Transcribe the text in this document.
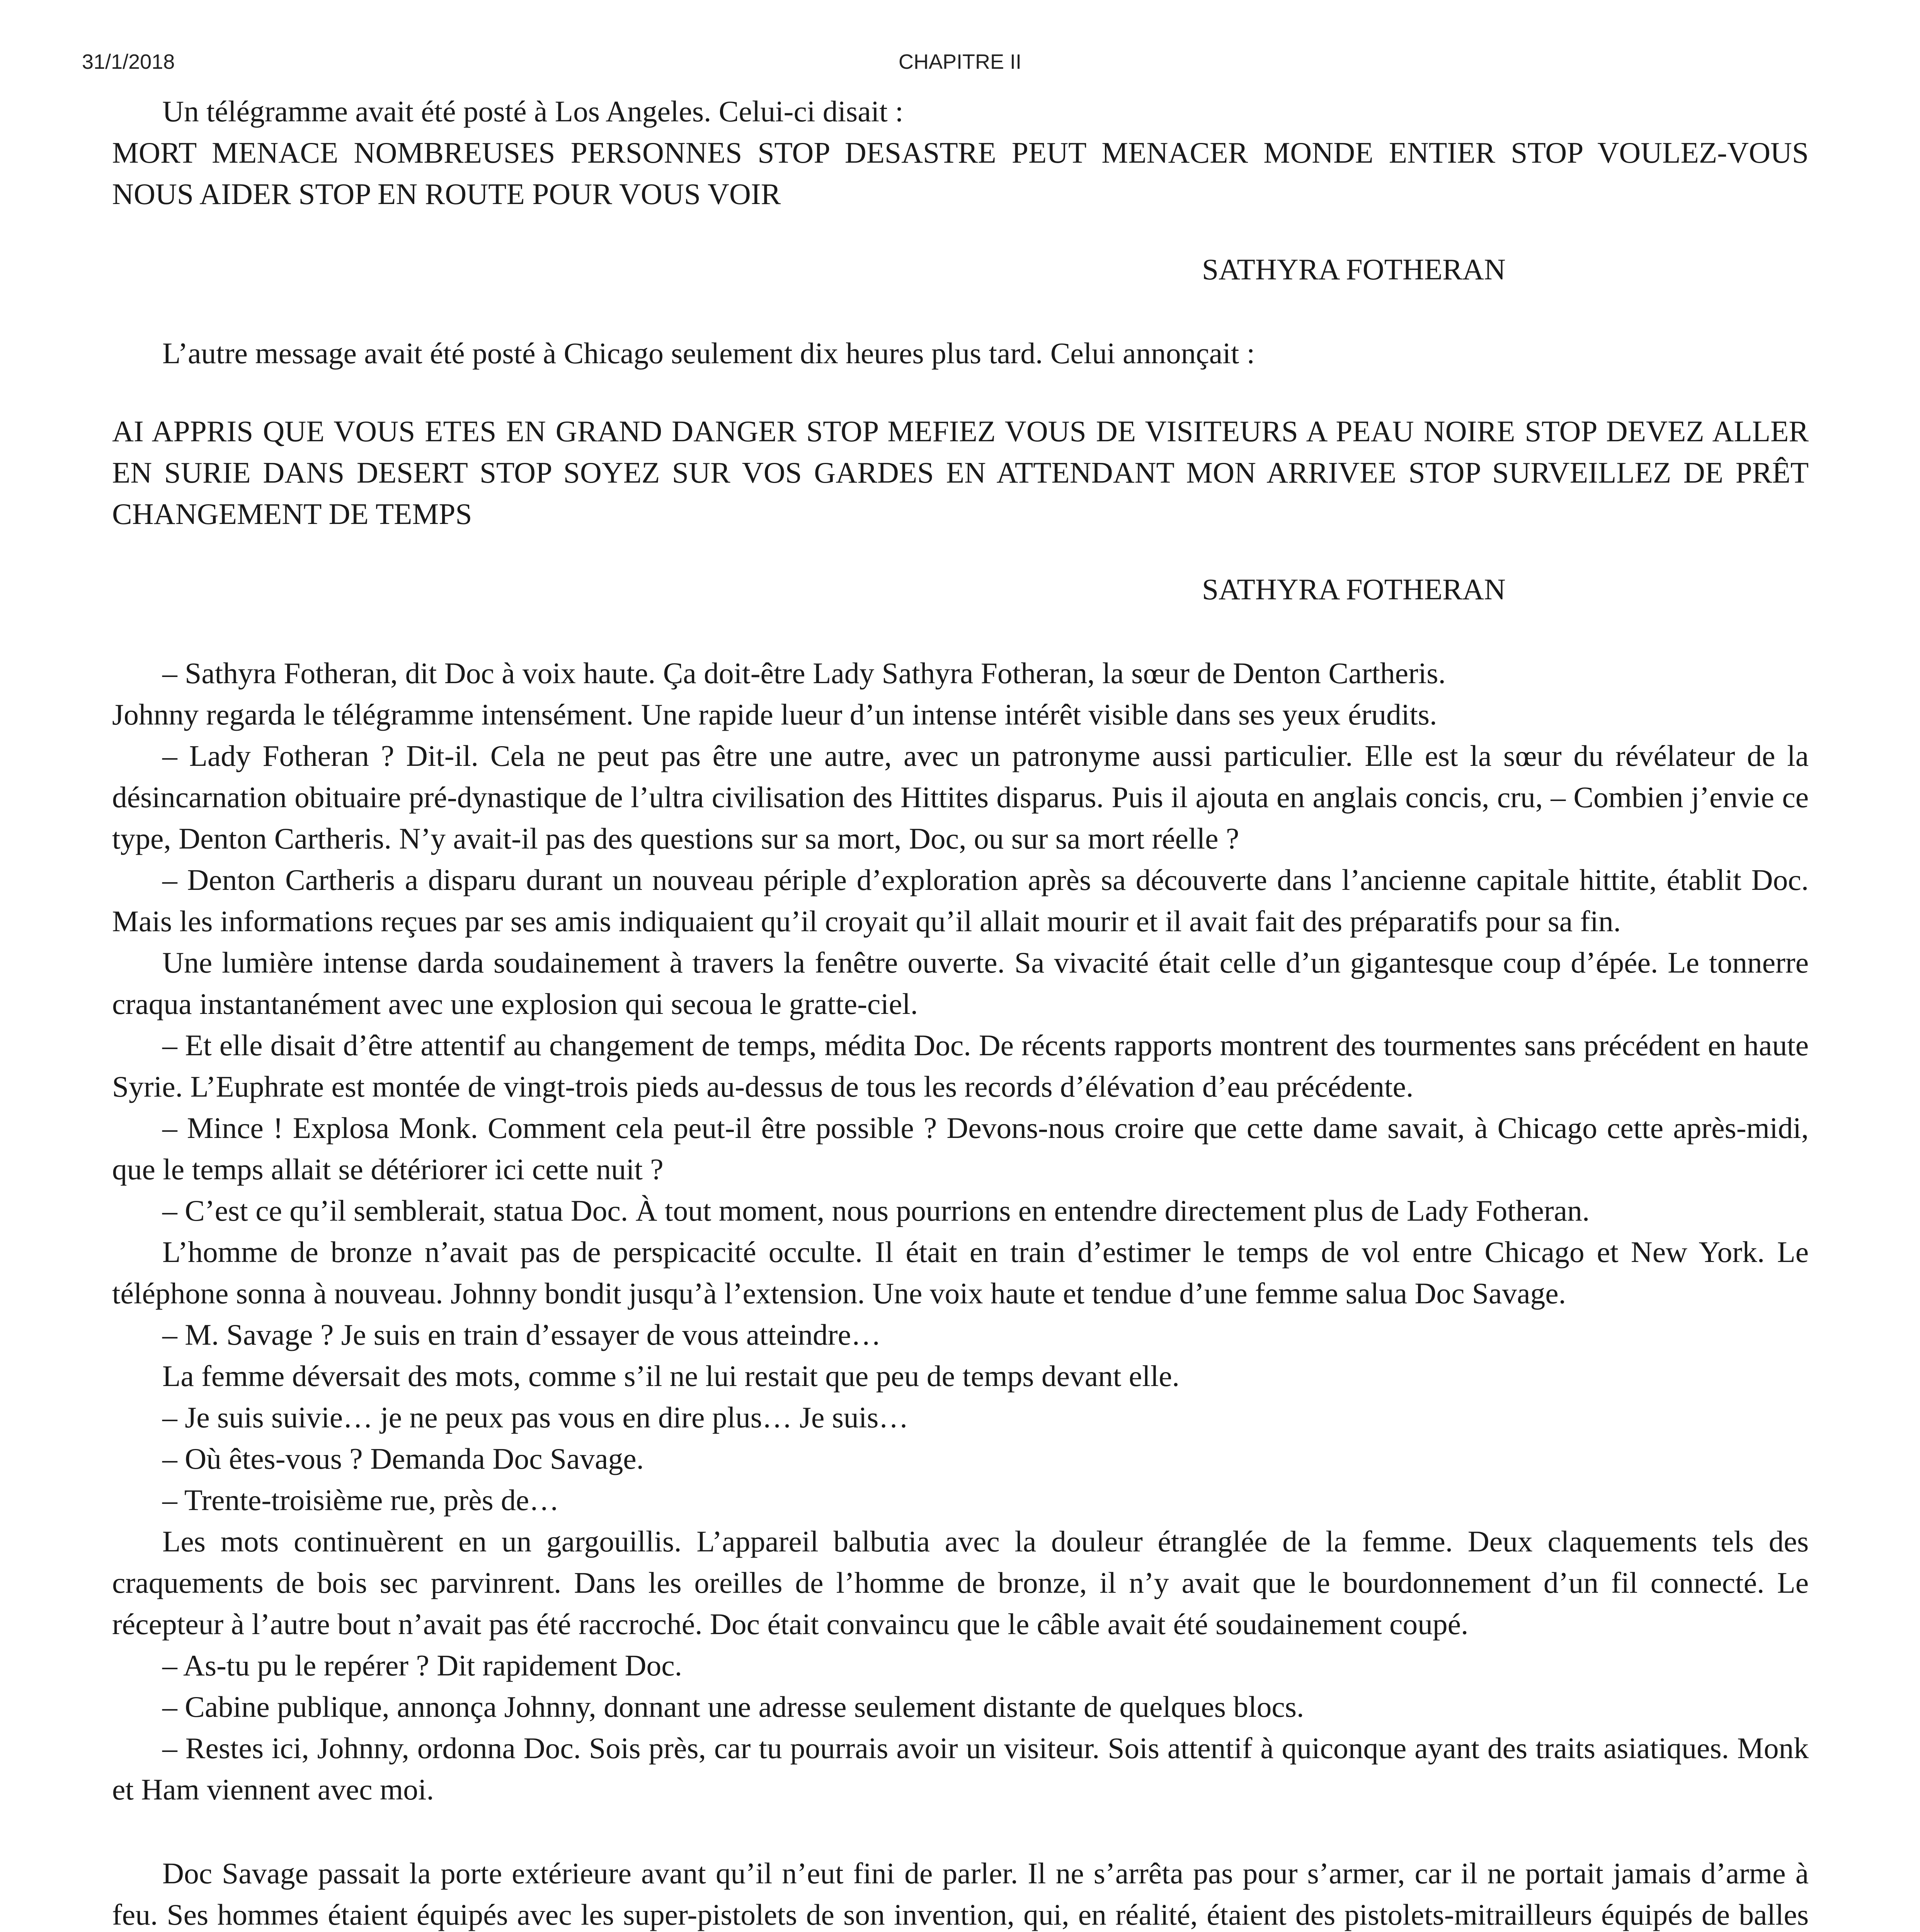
31/1/2018	CHAPITRE II

Un télégramme avait été posté à Los Angeles. Celui-ci disait :

MORT MENACE NOMBREUSES PERSONNES STOP DESASTRE PEUT MENACER MONDE ENTIER STOP VOULEZ-VOUS NOUS AIDER STOP EN ROUTE POUR VOUS VOIR

SATHYRA FOTHERAN

L’autre message avait été posté à Chicago seulement dix heures plus tard. Celui annonçait :

AI APPRIS QUE VOUS ETES EN GRAND DANGER STOP MEFIEZ VOUS DE VISITEURS A PEAU NOIRE STOP DEVEZ ALLER EN SURIE DANS DESERT STOP SOYEZ SUR VOS GARDES EN ATTENDANT MON ARRIVEE STOP SURVEILLEZ DE PRÊT CHANGEMENT DE TEMPS

SATHYRA FOTHERAN

– Sathyra Fotheran, dit Doc à voix haute. Ça doit-être Lady Sathyra Fotheran, la sœur de Denton Cartheris.

Johnny regarda le télégramme intensément. Une rapide lueur d’un intense intérêt visible dans ses yeux érudits.

– Lady Fotheran ? Dit-il. Cela ne peut pas être une autre, avec un patronyme aussi particulier. Elle est la sœur du révélateur de la désincarnation obituaire pré-dynastique de l’ultra civilisation des Hittites disparus. Puis il ajouta en anglais concis, cru, – Combien j’envie ce type, Denton Cartheris. N’y avait-il pas des questions sur sa mort, Doc, ou sur sa mort réelle ?

– Denton Cartheris a disparu durant un nouveau périple d’exploration après sa découverte dans l’ancienne capitale hittite, établit Doc. Mais les informations reçues par ses amis indiquaient qu’il croyait qu’il allait mourir et il avait fait des préparatifs pour sa fin.

Une lumière intense darda soudainement à travers la fenêtre ouverte. Sa vivacité était celle d’un gigantesque coup d’épée. Le tonnerre craqua instantanément avec une explosion qui secoua le gratte-ciel.

– Et elle disait d’être attentif au changement de temps, médita Doc. De récents rapports montrent des tourmentes sans précédent en haute Syrie. L’Euphrate est montée de vingt-trois pieds au-dessus de tous les records d’élévation d’eau précédente.

– Mince ! Explosa Monk. Comment cela peut-il être possible ? Devons-nous croire que cette dame savait, à Chicago cette après-midi, que le temps allait se détériorer ici cette nuit ?

– C’est ce qu’il semblerait, statua Doc. À tout moment, nous pourrions en entendre directement plus de Lady Fotheran.

L’homme de bronze n’avait pas de perspicacité occulte. Il était en train d’estimer le temps de vol entre Chicago et New York. Le téléphone sonna à nouveau. Johnny bondit jusqu’à l’extension. Une voix haute et tendue d’une femme salua Doc Savage.

– M. Savage ? Je suis en train d’essayer de vous atteindre…

La femme déversait des mots, comme s’il ne lui restait que peu de temps devant elle.

– Je suis suivie… je ne peux pas vous en dire plus… Je suis…

– Où êtes-vous ? Demanda Doc Savage.

– Trente-troisième rue, près de…

Les mots continuèrent en un gargouillis. L’appareil balbutia avec la douleur étranglée de la femme. Deux claquements tels des craquements de bois sec parvinrent. Dans les oreilles de l’homme de bronze, il n’y avait que le bourdonnement d’un fil connecté. Le récepteur à l’autre bout n’avait pas été raccroché. Doc était convaincu que le câble avait été soudainement coupé.

– As-tu pu le repérer ? Dit rapidement Doc.

– Cabine publique, annonça Johnny, donnant une adresse seulement distante de quelques blocs.

– Restes ici, Johnny, ordonna Doc. Sois près, car tu pourrais avoir un visiteur. Sois attentif à quiconque ayant des traits asiatiques. Monk et Ham viennent avec moi.

Doc Savage passait la porte extérieure avant qu’il n’eut fini de parler. Il ne s’arrêta pas pour s’armer, car il ne portait jamais d’arme à feu. Ses hommes étaient équipés avec les super-pistolets de son invention, qui, en réalité, étaient des pistolets-mitrailleurs équipés de balles
